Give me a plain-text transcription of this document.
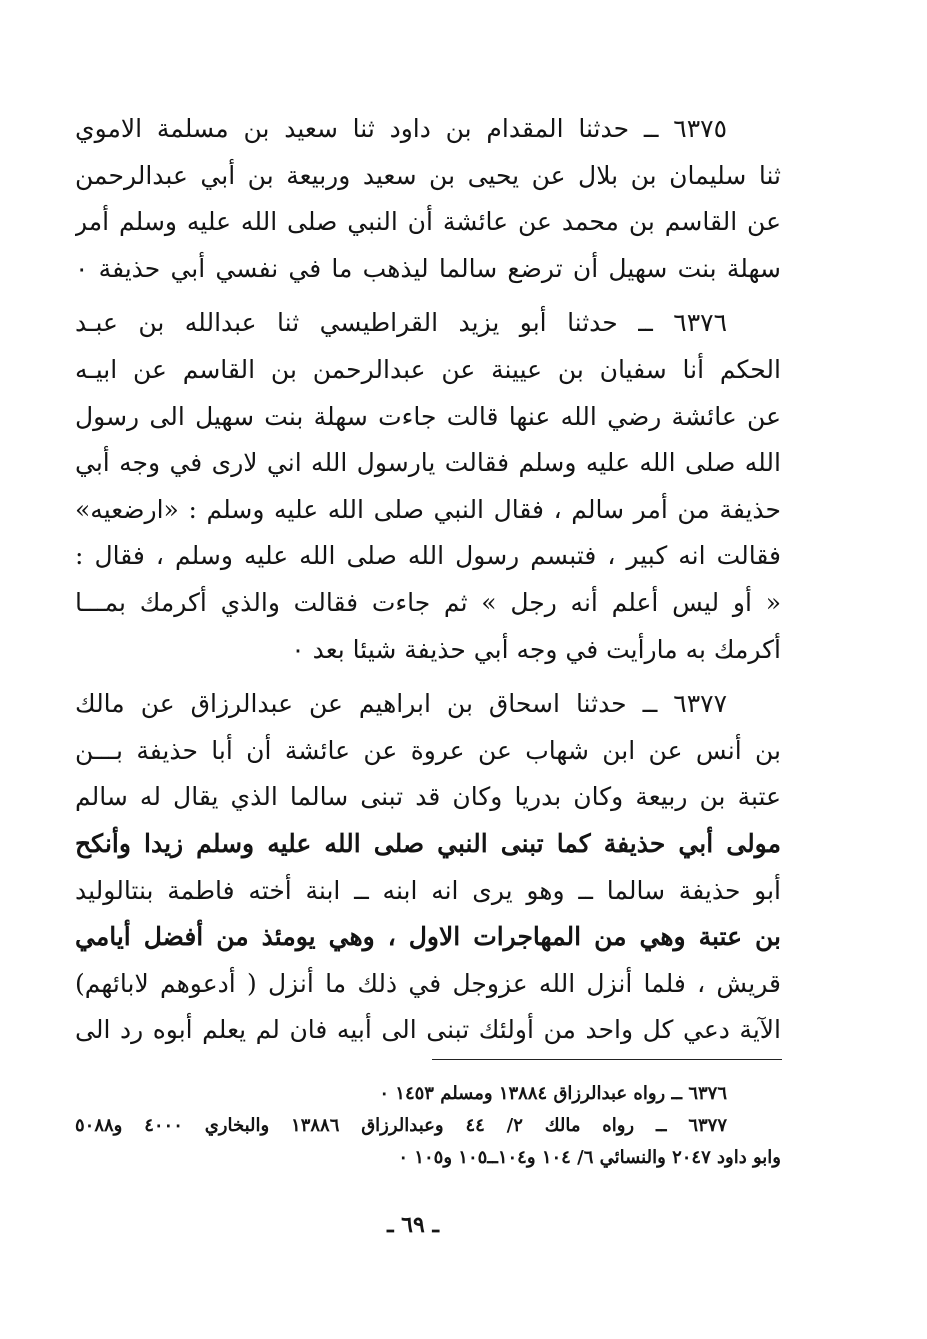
٦٣٧٥ ــ حدثنا المقدام بن داود ثنا سعيد بن مسلمة الاموي
ثنا سليمان بن بلال عن يحيى بن سعيد وربيعة بن أبي عبدالرحمن
عن القاسم بن محمد عن عائشة أن النبي صلى الله عليه وسلم أمر
سهلة بنت سهيل أن ترضع سالما ليذهب ما في نفسي أبي حذيفة ٠
٦٣٧٦ ــ حدثنا أبو يزيد القراطيسي ثنا عبدالله بن عبـد
الحكم أنا سفيان بن عيينة عن عبدالرحمن بن القاسم عن ابيـه
عن عائشة رضي الله عنها قالت جاءت سهلة بنت سهيل الى رسول
الله صلى الله عليه وسلم فقالت يارسول الله اني لارى في وجه أبي
حذيفة من أمر سالم ، فقال النبي صلى الله عليه وسلم : «ارضعيه»
فقالت انه كبير ، فتبسم رسول الله صلى الله عليه وسلم ، فقال :
« أو ليس أعلم أنه رجل » ثم جاءت فقالت والذي أكرمك بمـــا
أكرمك به مارأيت في وجه أبي حذيفة شيئا بعد ٠
٦٣٧٧ ــ حدثنا اسحاق بن ابراهيم عن عبدالرزاق عن مالك
بن أنس عن ابن شهاب عن عروة عن عائشة أن أبا حذيفة بـــن
عتبة بن ربيعة وكان بدريا وكان قد تبنى سالما الذي يقال له سالم
مولى أبي حذيفة كما تبنى النبي صلى الله عليه وسلم زيدا وأنكح
أبو حذيفة سالما ــ وهو يرى انه ابنه ــ ابنة أخته فاطمة بنتالوليد
بن عتبة وهي من المهاجرات الاول ، وهي يومئذ من أفضل أيامي
قريش ، فلما أنزل الله عزوجل في ذلك ما أنزل ( أدعوهم لابائهم)
الآية دعي كل واحد من أولئك تبنى الى أبيه فان لم يعلم أبوه رد الى
٦٣٧٦ ــ رواه عبدالرزاق ١٣٨٨٤ ومسلم ١٤٥٣ ٠
٦٣٧٧ ــ رواه مالك ٢/ ٤٤ وعبدالرزاق ١٣٨٨٦ والبخاري ٤٠٠٠ و٥٠٨٨
وابو داود ٢٠٤٧ والنسائي ٦/ ١٠٤ و١٠٤ــ١٠٥ و١٠٥ ٠
ـ ٦٩ ـ
